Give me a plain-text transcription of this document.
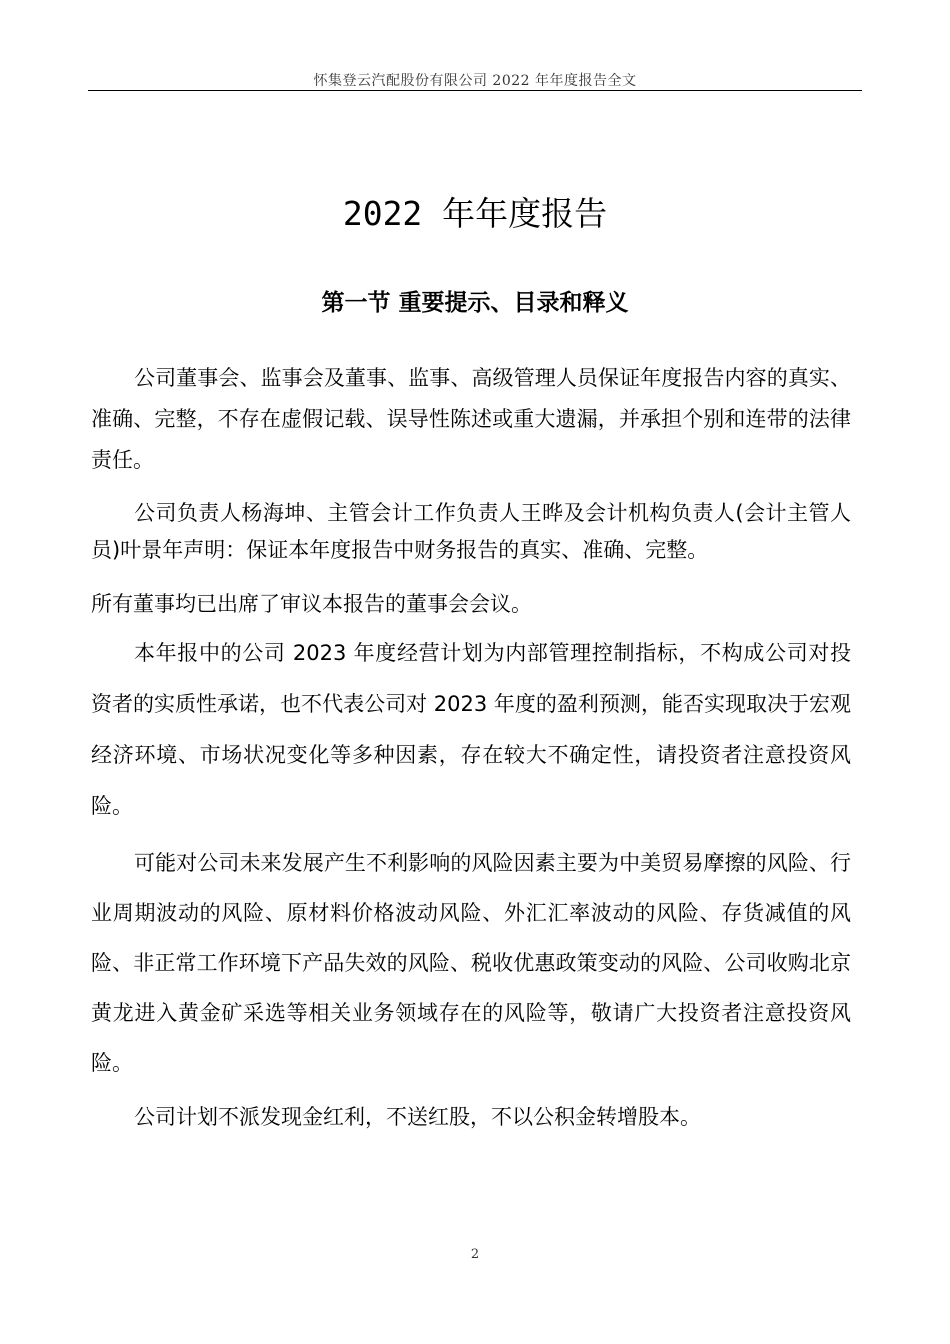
怀集登云汽配股份有限公司 2022 年年度报告全文
2022 年年度报告
第一节 重要提示、目录和释义

公司董事会、监事会及董事、监事、高级管理人员保证年度报告内容的真实、准确、完整，不存在虚假记载、误导性陈述或重大遗漏，并承担个别和连带的法律责任。

公司负责人杨海坤、主管会计工作负责人王晔及会计机构负责人(会计主管人员)叶景年声明：保证本年度报告中财务报告的真实、准确、完整。

所有董事均已出席了审议本报告的董事会会议。

本年报中的公司 2023 年度经营计划为内部管理控制指标，不构成公司对投资者的实质性承诺，也不代表公司对 2023 年度的盈利预测，能否实现取决于宏观经济环境、市场状况变化等多种因素，存在较大不确定性，请投资者注意投资风险。

可能对公司未来发展产生不利影响的风险因素主要为中美贸易摩擦的风险、行业周期波动的风险、原材料价格波动风险、外汇汇率波动的风险、存货减值的风险、非正常工作环境下产品失效的风险、税收优惠政策变动的风险、公司收购北京黄龙进入黄金矿采选等相关业务领域存在的风险等，敬请广大投资者注意投资风险。

公司计划不派发现金红利，不送红股，不以公积金转增股本。

2
